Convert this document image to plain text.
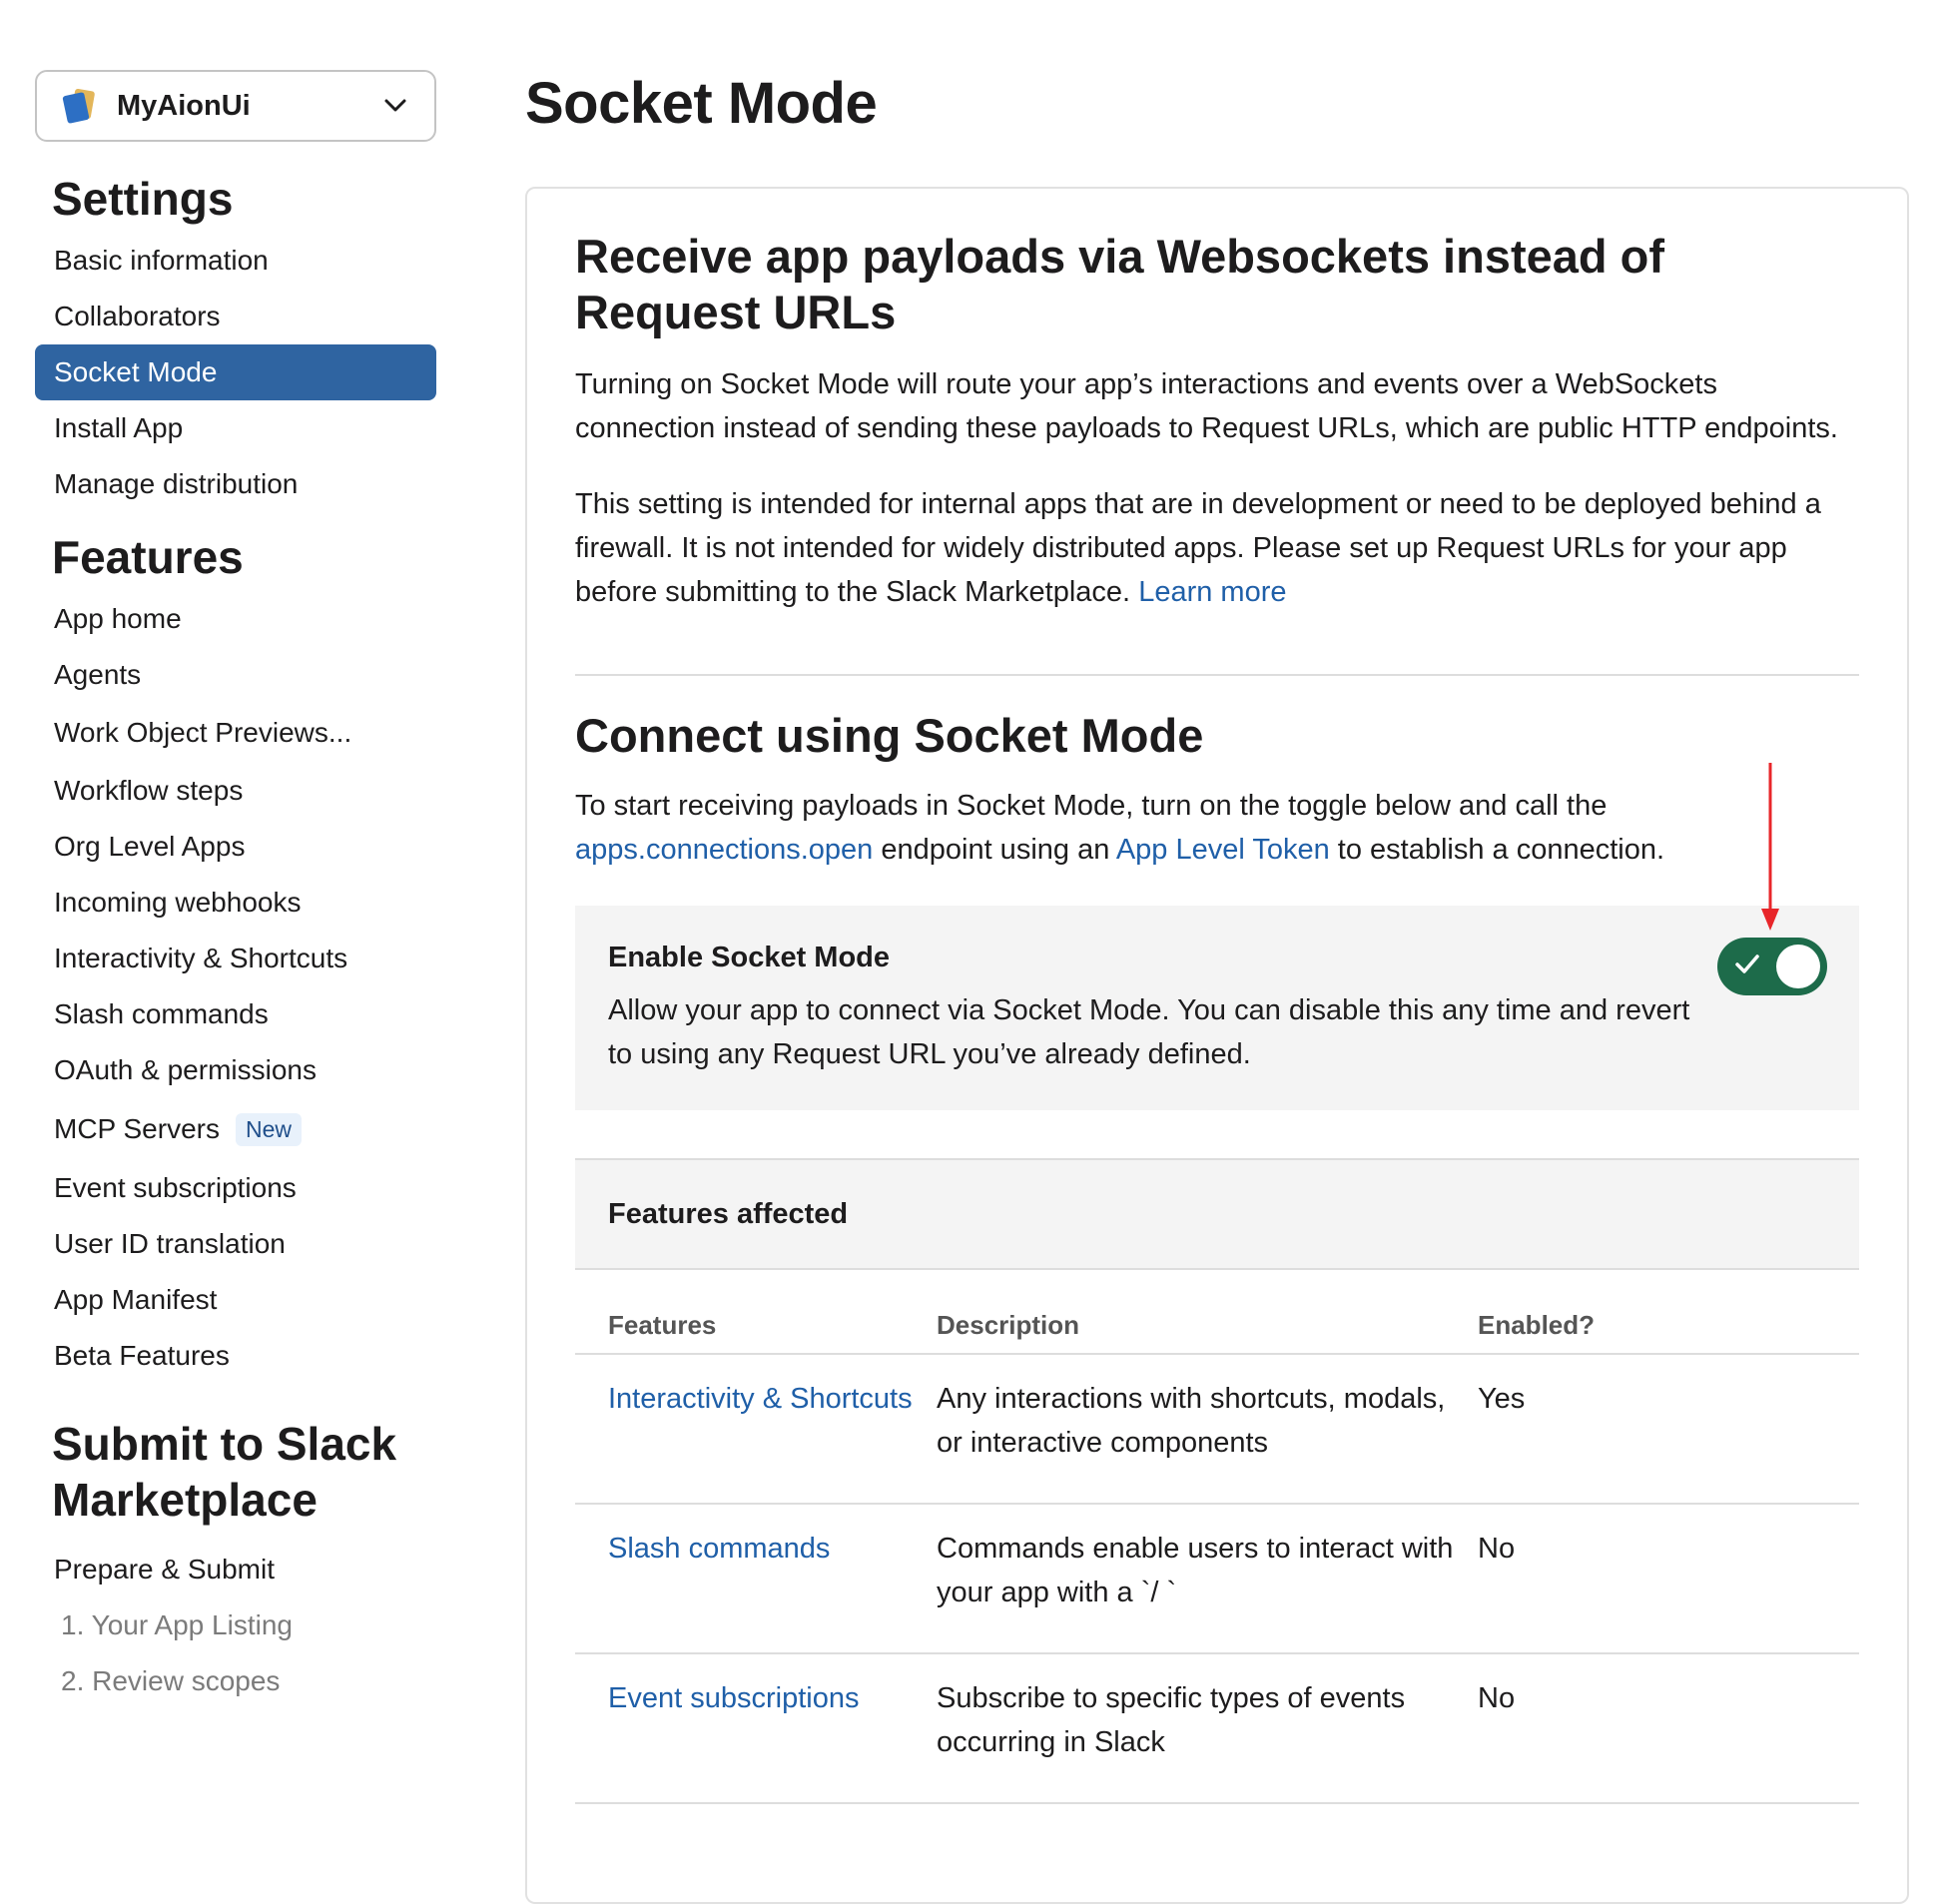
MyAionUi
Settings
Basic information
Collaborators
Socket Mode
Install App
Manage distribution
Features
App home
Agents
Work Object Previews...
Workflow steps
Org Level Apps
Incoming webhooks
Interactivity & Shortcuts
Slash commands
OAuth & permissions
MCP Servers	New
Event subscriptions
User ID translation
App Manifest
Beta Features
Submit to Slack
Marketplace
Prepare & Submit
1. Your App Listing
2. Review scopes
Socket Mode
Receive app payloads via Websockets instead of Request URLs

Turning on Socket Mode will route your app’s interactions and events over a WebSockets connection instead of sending these payloads to Request URLs, which are public HTTP endpoints.

This setting is intended for internal apps that are in development or need to be deployed behind a firewall. It is not intended for widely distributed apps. Please set up Request URLs for your app before submitting to the Slack Marketplace. Learn more

Connect using Socket Mode

To start receiving payloads in Socket Mode, turn on the toggle below and call the
apps.connections.open endpoint using an App Level Token to establish a connection.

Enable Socket Mode

Allow your app to connect via Socket Mode. You can disable this any time and revert to using any Request URL you’ve already defined.

Features affected
Features	Description	Enabled?
Interactivity & Shortcuts	Any interactions with shortcuts, modals, or interactive components	Yes
Slash commands	Commands enable users to interact with your app with a `/ `	No
Event subscriptions	Subscribe to specific types of events occurring in Slack	No
